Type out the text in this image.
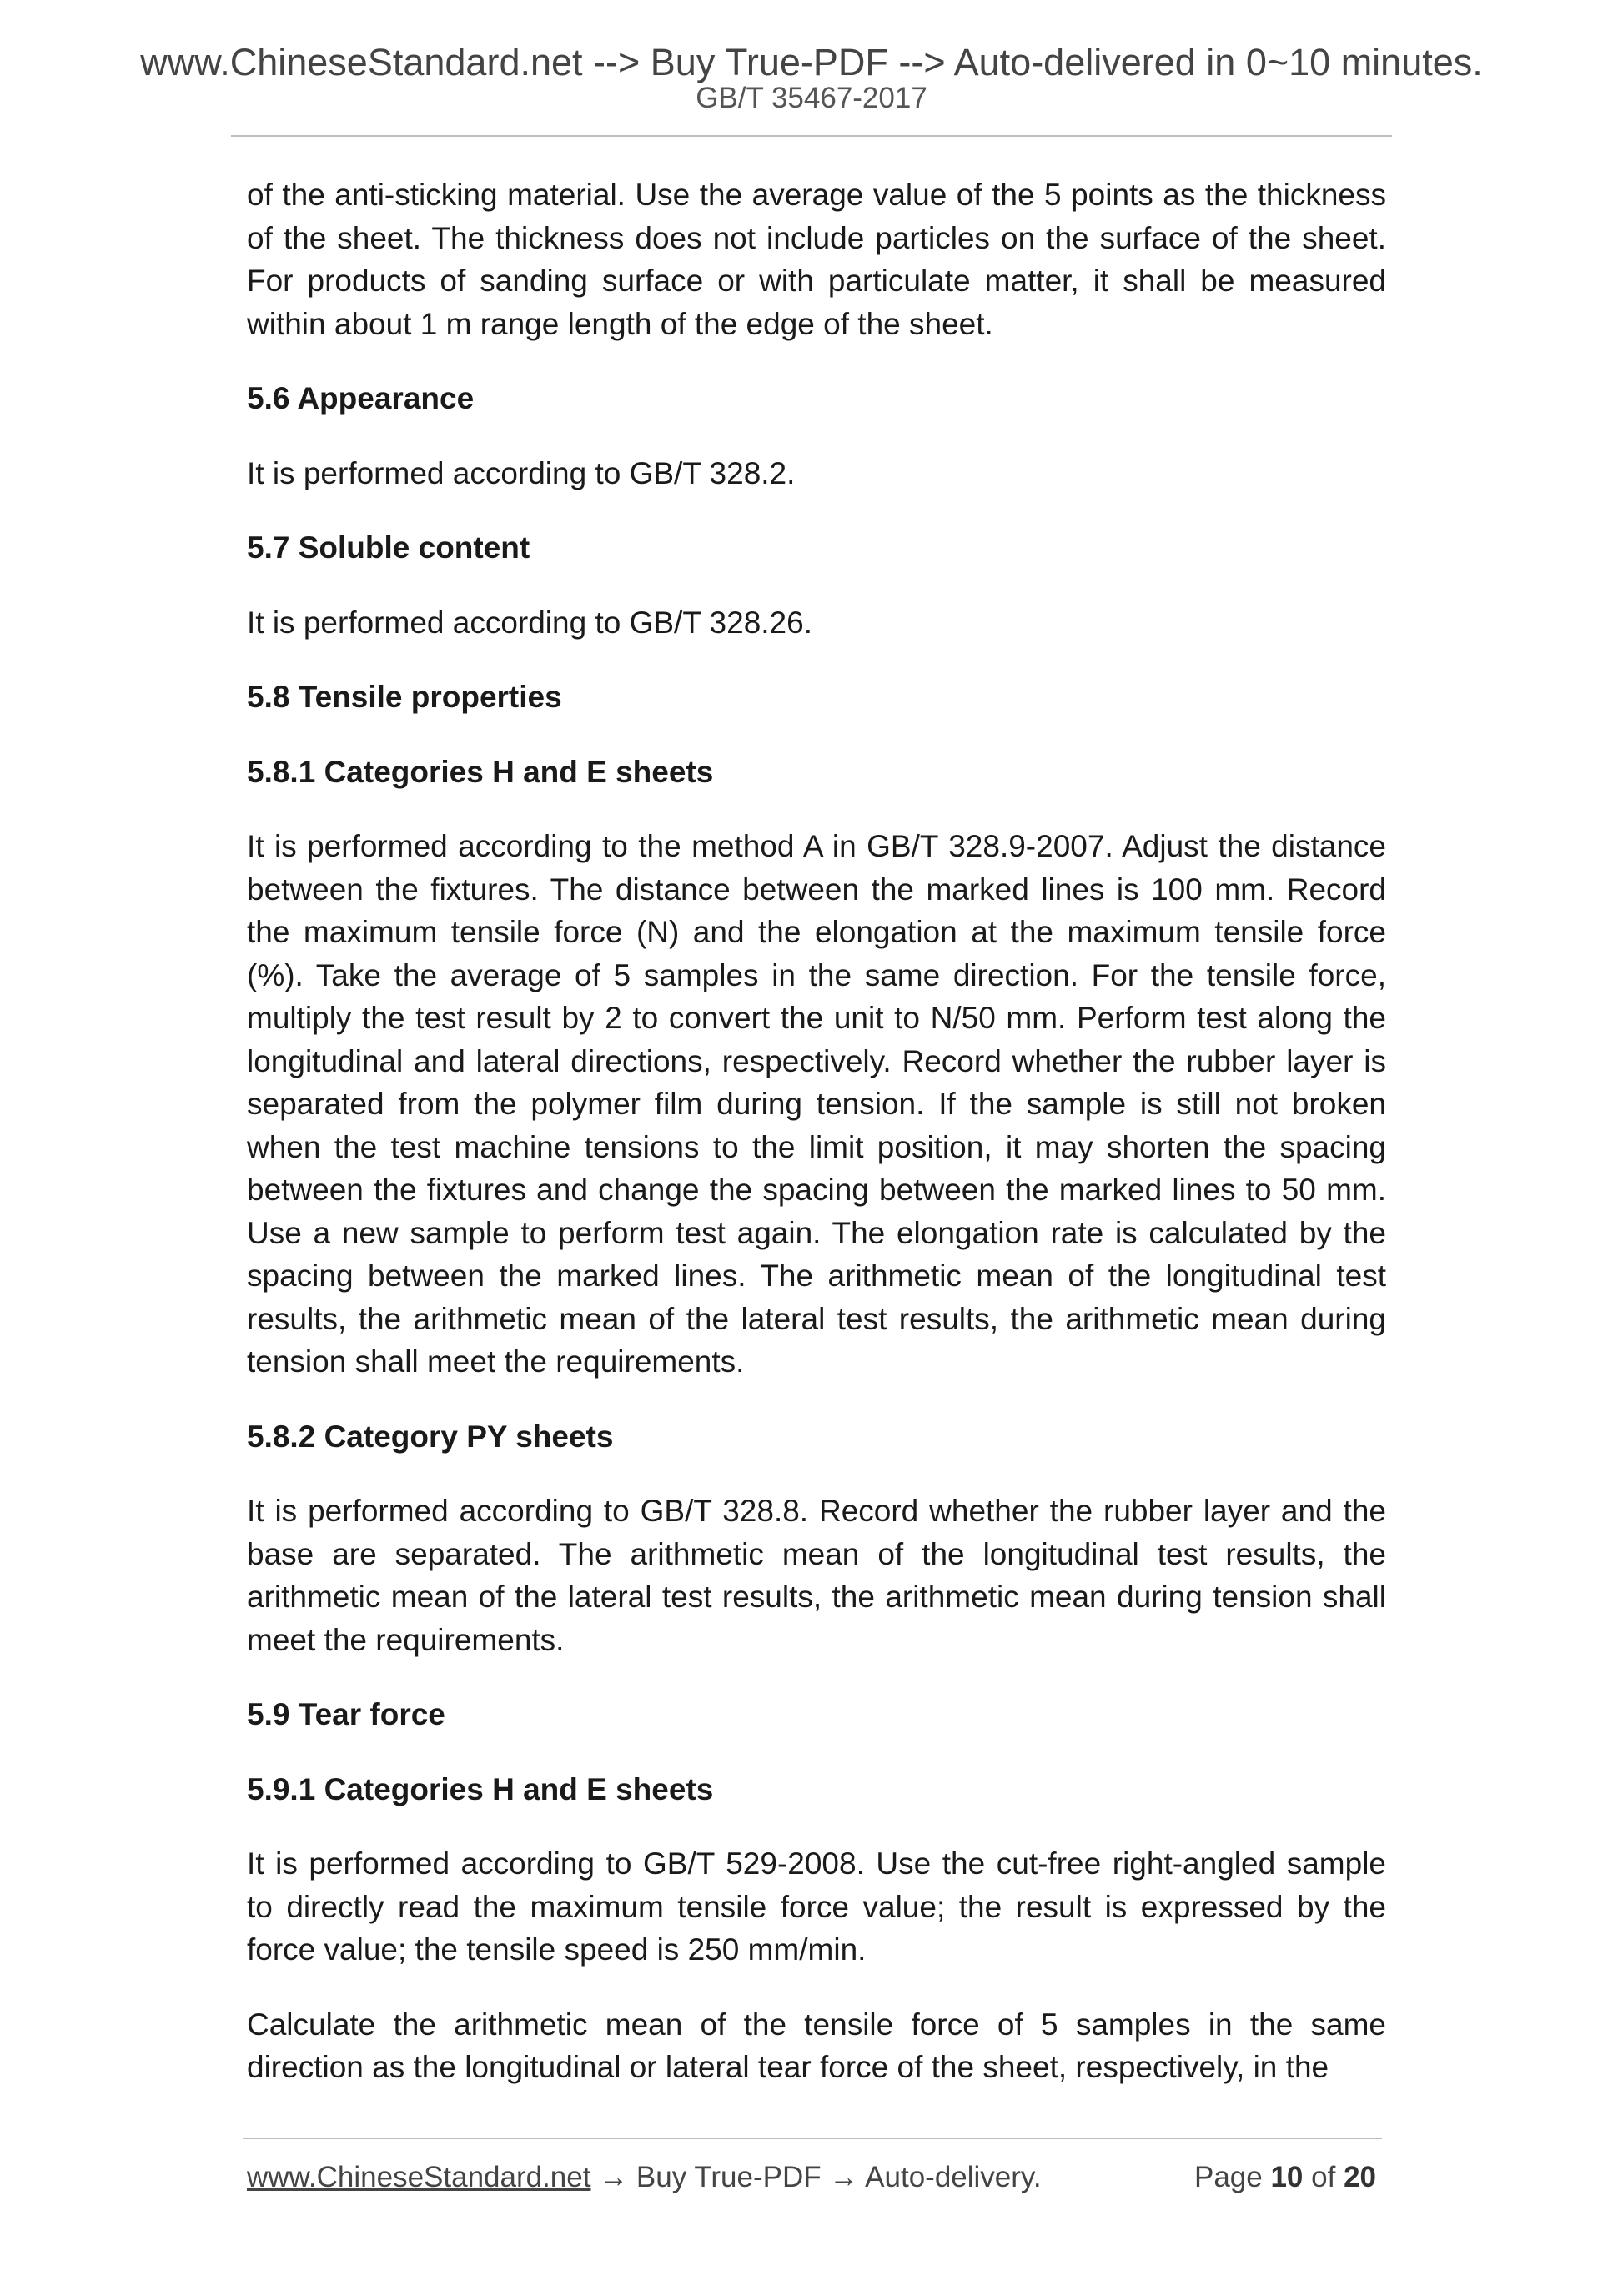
www.ChineseStandard.net --> Buy True-PDF --> Auto-delivered in 0~10 minutes.
GB/T 35467-2017

of the anti-sticking material. Use the average value of the 5 points as the thickness of the sheet. The thickness does not include particles on the surface of the sheet. For products of sanding surface or with particulate matter, it shall be measured within about 1 m range length of the edge of the sheet.

5.6 Appearance

It is performed according to GB/T 328.2.

5.7 Soluble content

It is performed according to GB/T 328.26.

5.8 Tensile properties
5.8.1 Categories H and E sheets

It is performed according to the method A in GB/T 328.9-2007. Adjust the distance between the fixtures. The distance between the marked lines is 100 mm. Record the maximum tensile force (N) and the elongation at the maximum tensile force (%). Take the average of 5 samples in the same direction. For the tensile force, multiply the test result by 2 to convert the unit to N/50 mm. Perform test along the longitudinal and lateral directions, respectively. Record whether the rubber layer is separated from the polymer film during tension. If the sample is still not broken when the test machine tensions to the limit position, it may shorten the spacing between the fixtures and change the spacing between the marked lines to 50 mm. Use a new sample to perform test again. The elongation rate is calculated by the spacing between the marked lines. The arithmetic mean of the longitudinal test results, the arithmetic mean of the lateral test results, the arithmetic mean during tension shall meet the requirements.

5.8.2 Category PY sheets

It is performed according to GB/T 328.8. Record whether the rubber layer and the base are separated. The arithmetic mean of the longitudinal test results, the arithmetic mean of the lateral test results, the arithmetic mean during tension shall meet the requirements.

5.9 Tear force
5.9.1 Categories H and E sheets

It is performed according to GB/T 529-2008. Use the cut-free right-angled sample to directly read the maximum tensile force value; the result is expressed by the force value; the tensile speed is 250 mm/min.

Calculate the arithmetic mean of the tensile force of 5 samples in the same direction as the longitudinal or lateral tear force of the sheet, respectively, in the

www.ChineseStandard.net → Buy True-PDF → Auto-delivery.	Page 10 of 20
